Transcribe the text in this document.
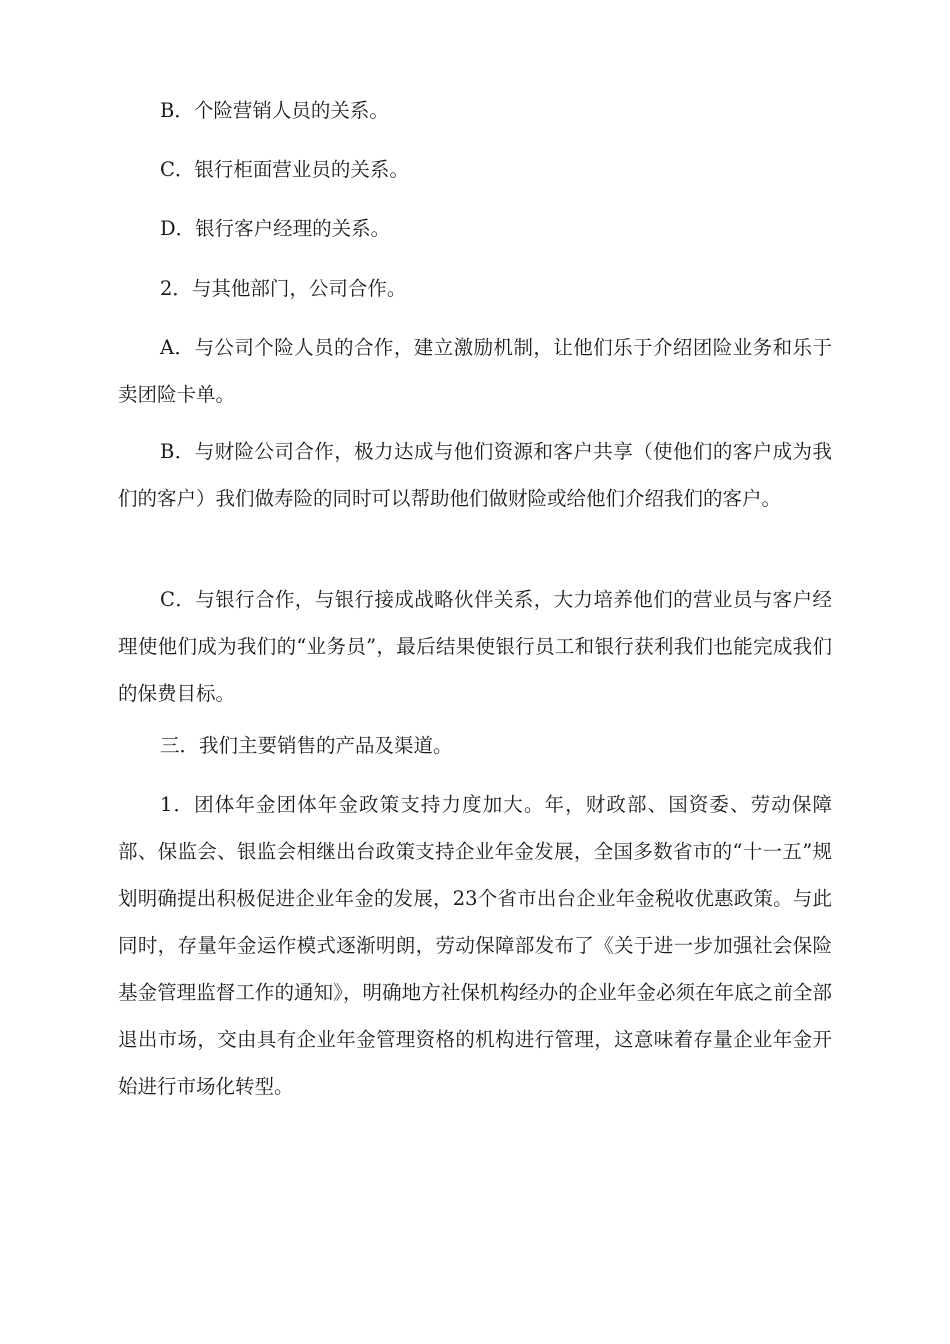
B．个险营销人员的关系。

C．银行柜面营业员的关系。

D．银行客户经理的关系。

2．与其他部门，公司合作。

A．与公司个险人员的合作，建立激励机制，让他们乐于介绍团险业务和乐于卖团险卡单。

B．与财险公司合作，极力达成与他们资源和客户共享（使他们的客户成为我们的客户）我们做寿险的同时可以帮助他们做财险或给他们介绍我们的客户。

C．与银行合作，与银行接成战略伙伴关系，大力培养他们的营业员与客户经理使他们成为我们的“业务员”，最后结果使银行员工和银行获利我们也能完成我们的保费目标。

三．我们主要销售的产品及渠道。

1．团体年金团体年金政策支持力度加大。年，财政部、国资委、劳动保障部、保监会、银监会相继出台政策支持企业年金发展，全国多数省市的“十一五”规划明确提出积极促进企业年金的发展，23个省市出台企业年金税收优惠政策。与此同时，存量年金运作模式逐渐明朗，劳动保障部发布了《关于进一步加强社会保险基金管理监督工作的通知》，明确地方社保机构经办的企业年金必须在年底之前全部退出市场，交由具有企业年金管理资格的机构进行管理，这意味着存量企业年金开始进行市场化转型。
